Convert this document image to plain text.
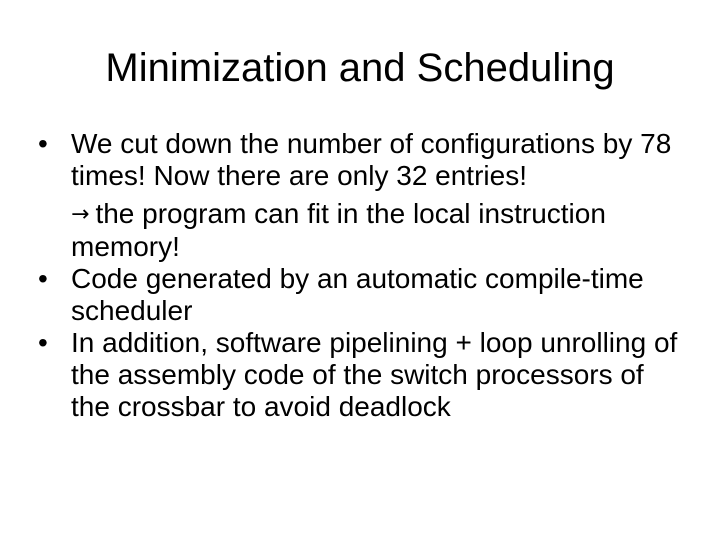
Minimization and Scheduling
• We cut down the number of configurations by 78 times! Now there are only 32 entries!
→ the program can fit in the local instruction memory!
• Code generated by an automatic compile-time scheduler
• In addition, software pipelining + loop unrolling of the assembly code of the switch processors of the crossbar to avoid deadlock
